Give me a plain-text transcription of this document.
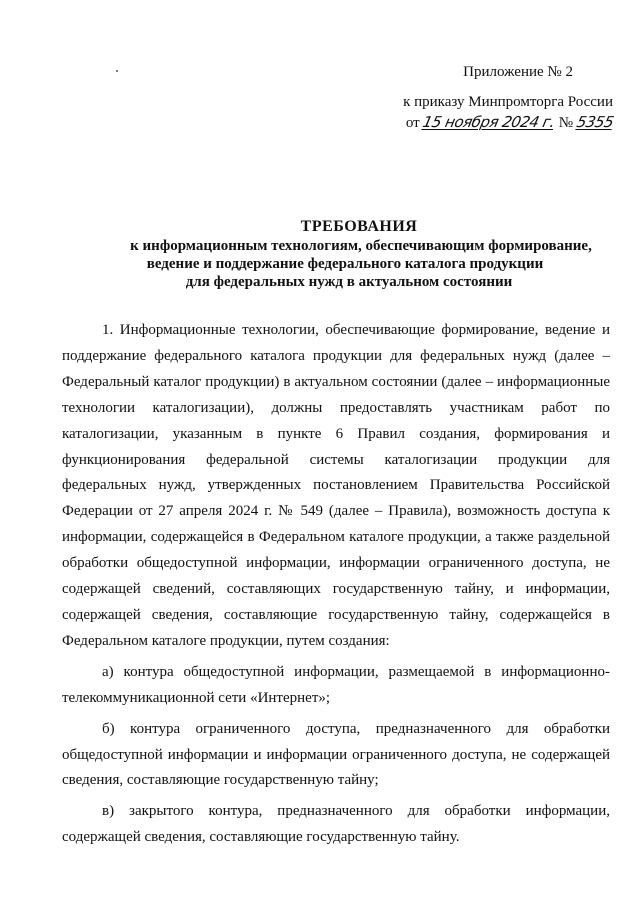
Приложение № 2
к приказу Минпромторга России
от 15 ноября 2024 г. № 5355
ТРЕБОВАНИЯ
к информационным технологиям, обеспечивающим формирование,
ведение и поддержание федерального каталога продукции
для федеральных нужд в актуальном состоянии

1. Информационные технологии, обеспечивающие формирование, ведение и поддержание федерального каталога продукции для федеральных нужд (далее – Федеральный каталог продукции) в актуальном состоянии (далее – информационные технологии каталогизации), должны предоставлять участникам работ по каталогизации, указанным в пункте 6 Правил создания, формирования и функционирования федеральной системы каталогизации продукции для федеральных нужд, утвержденных постановлением Правительства Российской Федерации от 27 апреля 2024 г. № 549 (далее – Правила), возможность доступа к информации, содержащейся в Федеральном каталоге продукции, а также раздельной обработки общедоступной информации, информации ограниченного доступа, не содержащей сведений, составляющих государственную тайну, и информации, содержащей сведения, составляющие государственную тайну, содержащейся в Федеральном каталоге продукции, путем создания:

а) контура общедоступной информации, размещаемой в информационно-телекоммуникационной сети «Интернет»;

б) контура ограниченного доступа, предназначенного для обработки общедоступной информации и информации ограниченного доступа, не содержащей сведения, составляющие государственную тайну;

в) закрытого контура, предназначенного для обработки информации, содержащей сведения, составляющие государственную тайну.
